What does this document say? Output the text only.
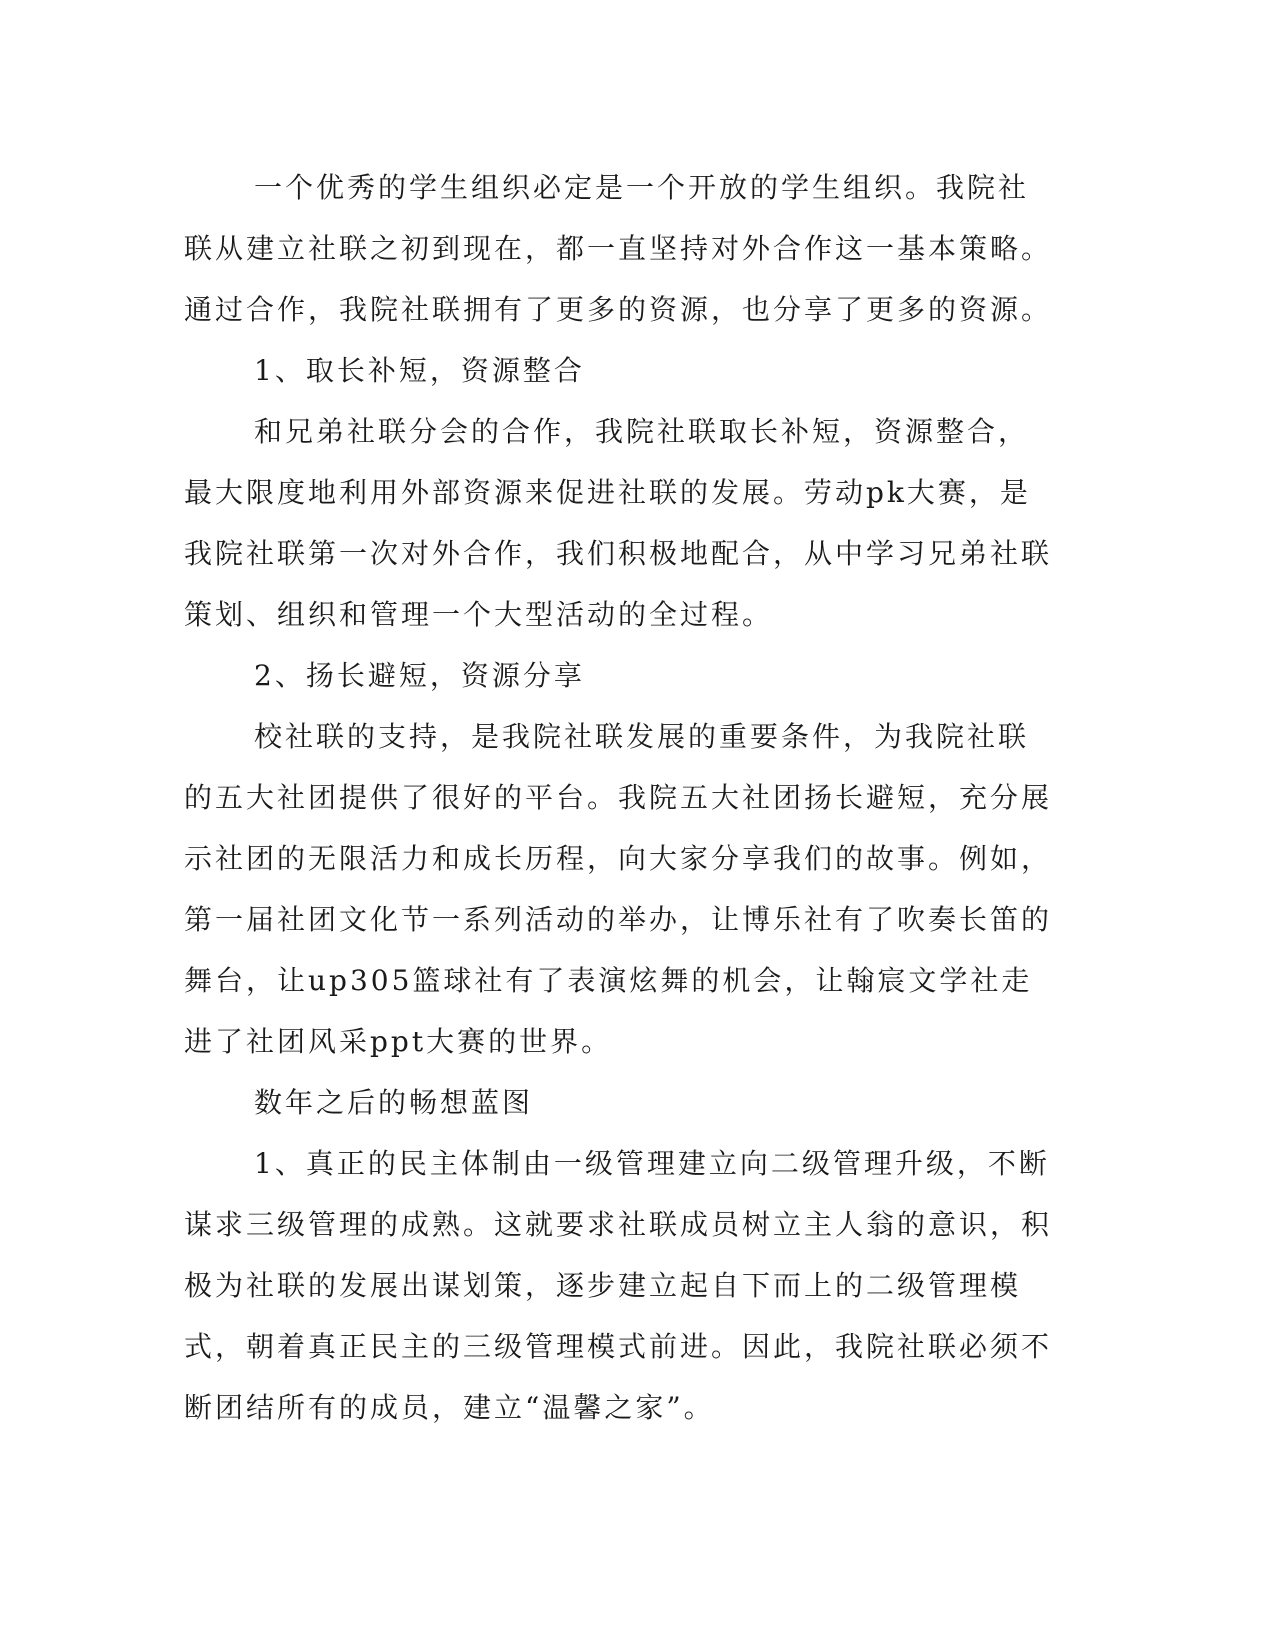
一个优秀的学生组织必定是一个开放的学生组织。我院社联从建立社联之初到现在，都一直坚持对外合作这一基本策略。通过合作，我院社联拥有了更多的资源，也分享了更多的资源。

1、取长补短，资源整合

和兄弟社联分会的合作，我院社联取长补短，资源整合，最大限度地利用外部资源来促进社联的发展。劳动pk大赛，是我院社联第一次对外合作，我们积极地配合，从中学习兄弟社联策划、组织和管理一个大型活动的全过程。

2、扬长避短，资源分享

校社联的支持，是我院社联发展的重要条件，为我院社联的五大社团提供了很好的平台。我院五大社团扬长避短，充分展示社团的无限活力和成长历程，向大家分享我们的故事。例如，第一届社团文化节一系列活动的举办，让博乐社有了吹奏长笛的舞台，让up305篮球社有了表演炫舞的机会，让翰宸文学社走进了社团风采ppt大赛的世界。

数年之后的畅想蓝图

1、真正的民主体制由一级管理建立向二级管理升级，不断谋求三级管理的成熟。这就要求社联成员树立主人翁的意识，积极为社联的发展出谋划策，逐步建立起自下而上的二级管理模式，朝着真正民主的三级管理模式前进。因此，我院社联必须不断团结所有的成员，建立“温馨之家”。
